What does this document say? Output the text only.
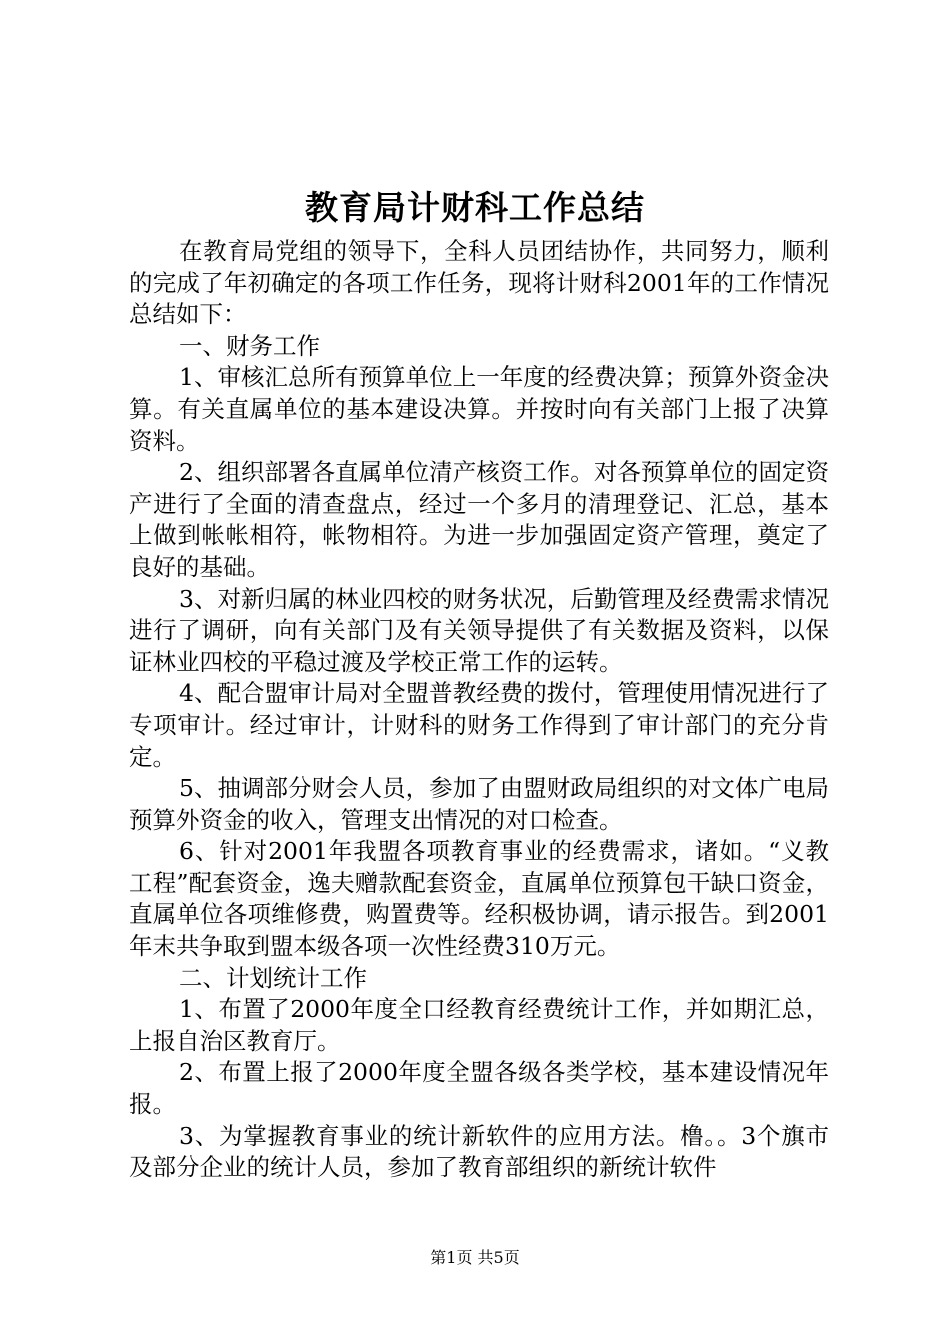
教育局计财科工作总结

在教育局党组的领导下，全科人员团结协作，共同努力，顺利的完成了年初确定的各项工作任务，现将计财科2001年的工作情况总结如下：

一、财务工作

1、审核汇总所有预算单位上一年度的经费决算；预算外资金决算。有关直属单位的基本建设决算。并按时向有关部门上报了决算资料。

2、组织部署各直属单位清产核资工作。对各预算单位的固定资产进行了全面的清查盘点，经过一个多月的清理登记、汇总，基本上做到帐帐相符，帐物相符。为进一步加强固定资产管理，奠定了良好的基础。

3、对新归属的林业四校的财务状况，后勤管理及经费需求情况进行了调研，向有关部门及有关领导提供了有关数据及资料，以保证林业四校的平稳过渡及学校正常工作的运转。

4、配合盟审计局对全盟普教经费的拨付，管理使用情况进行了专项审计。经过审计，计财科的财务工作得到了审计部门的充分肯定。

5、抽调部分财会人员，参加了由盟财政局组织的对文体广电局预算外资金的收入，管理支出情况的对口检查。

6、针对2001年我盟各项教育事业的经费需求，诸如。“义教工程”配套资金，逸夫赠款配套资金，直属单位预算包干缺口资金，直属单位各项维修费，购置费等。经积极协调，请示报告。到2001年末共争取到盟本级各项一次性经费310万元。

二、计划统计工作

1、布置了2000年度全口经教育经费统计工作，并如期汇总，上报自治区教育厅。

2、布置上报了2000年度全盟各级各类学校，基本建设情况年报。

3、为掌握教育事业的统计新软件的应用方法。橹。。3个旗市及部分企业的统计人员，参加了教育部组织的新统计软件

第1页 共5页
